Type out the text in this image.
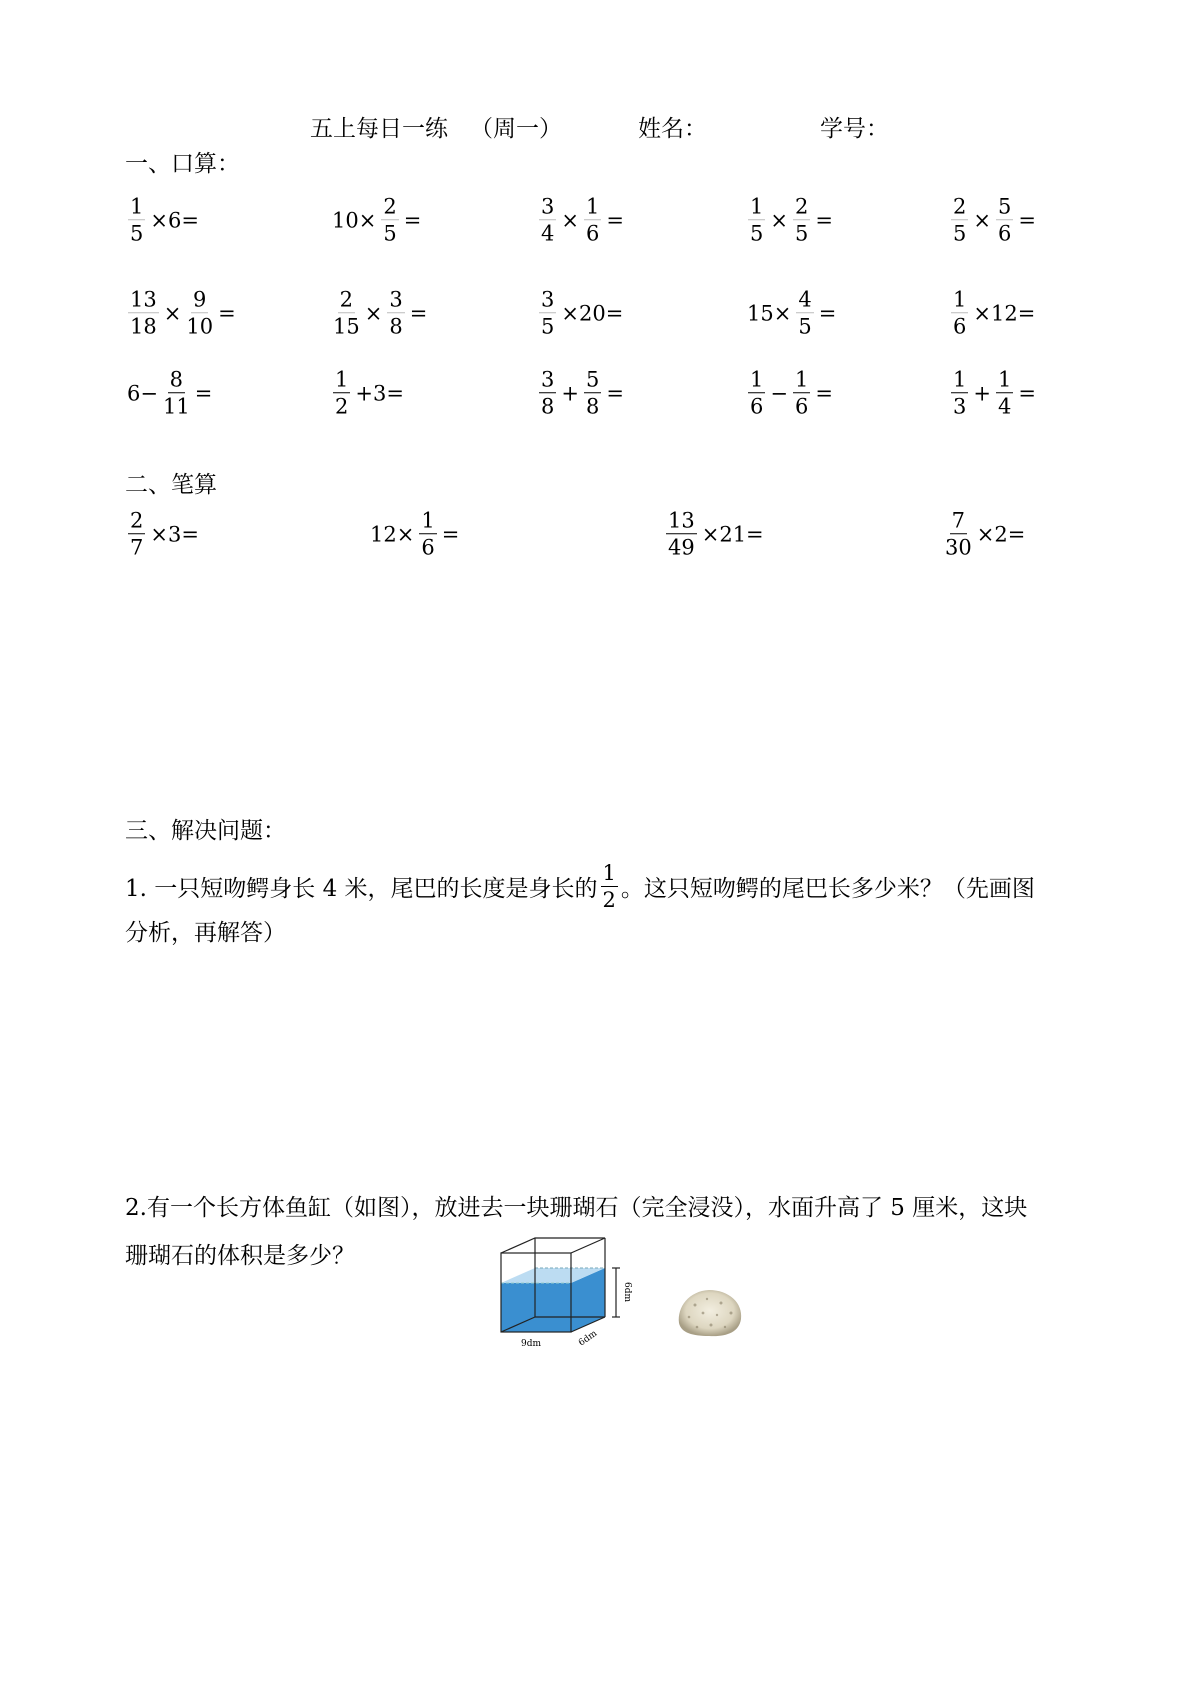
五上每日一练 （周一）	姓名：	学号：
一、口算：
二、笔算
三、解决问题：
1. 一只短吻鳄身长 4 米，尾巴的长度是身长的 $\frac{1}{2}$ 。这只短吻鳄的尾巴长多少米？（先画图
分析，再解答）
2.有一个长方体鱼缸（如图），放进去一块珊瑚石（完全浸没），水面升高了 5 厘米，这块
珊瑚石的体积是多少？
9dm	6dm
6dm
$\frac{1}{5} \times 6=$	$10\times \frac{2}{5}$ =	$\frac{3}{4} \times \frac{1}{6}$ =	$\frac{1}{5} \times \frac{2}{5}$ =	$\frac{2}{5} \times \frac{5}{6}$ =
$\frac{13}{18} \times \frac{9}{10}$ =	$\frac{2}{15} \times \frac{3}{8}$ =	$\frac{3}{5} \times 20=$	$15\times \frac{4}{5}$ =	$\frac{1}{6} \times 12=$
$6- \frac{8}{11}$ =	$\frac{1}{2} +3=$	$\frac{3}{8} + \frac{5}{8}$ =	$\frac{1}{6} - \frac{1}{6}$ =	$\frac{1}{3} + \frac{1}{4}$ =
$\frac{2}{7} \times 3=$	$12\times \frac{1}{6}$ =	$\frac{13}{49} \times 21=$	$\frac{7}{30} \times 2=$
